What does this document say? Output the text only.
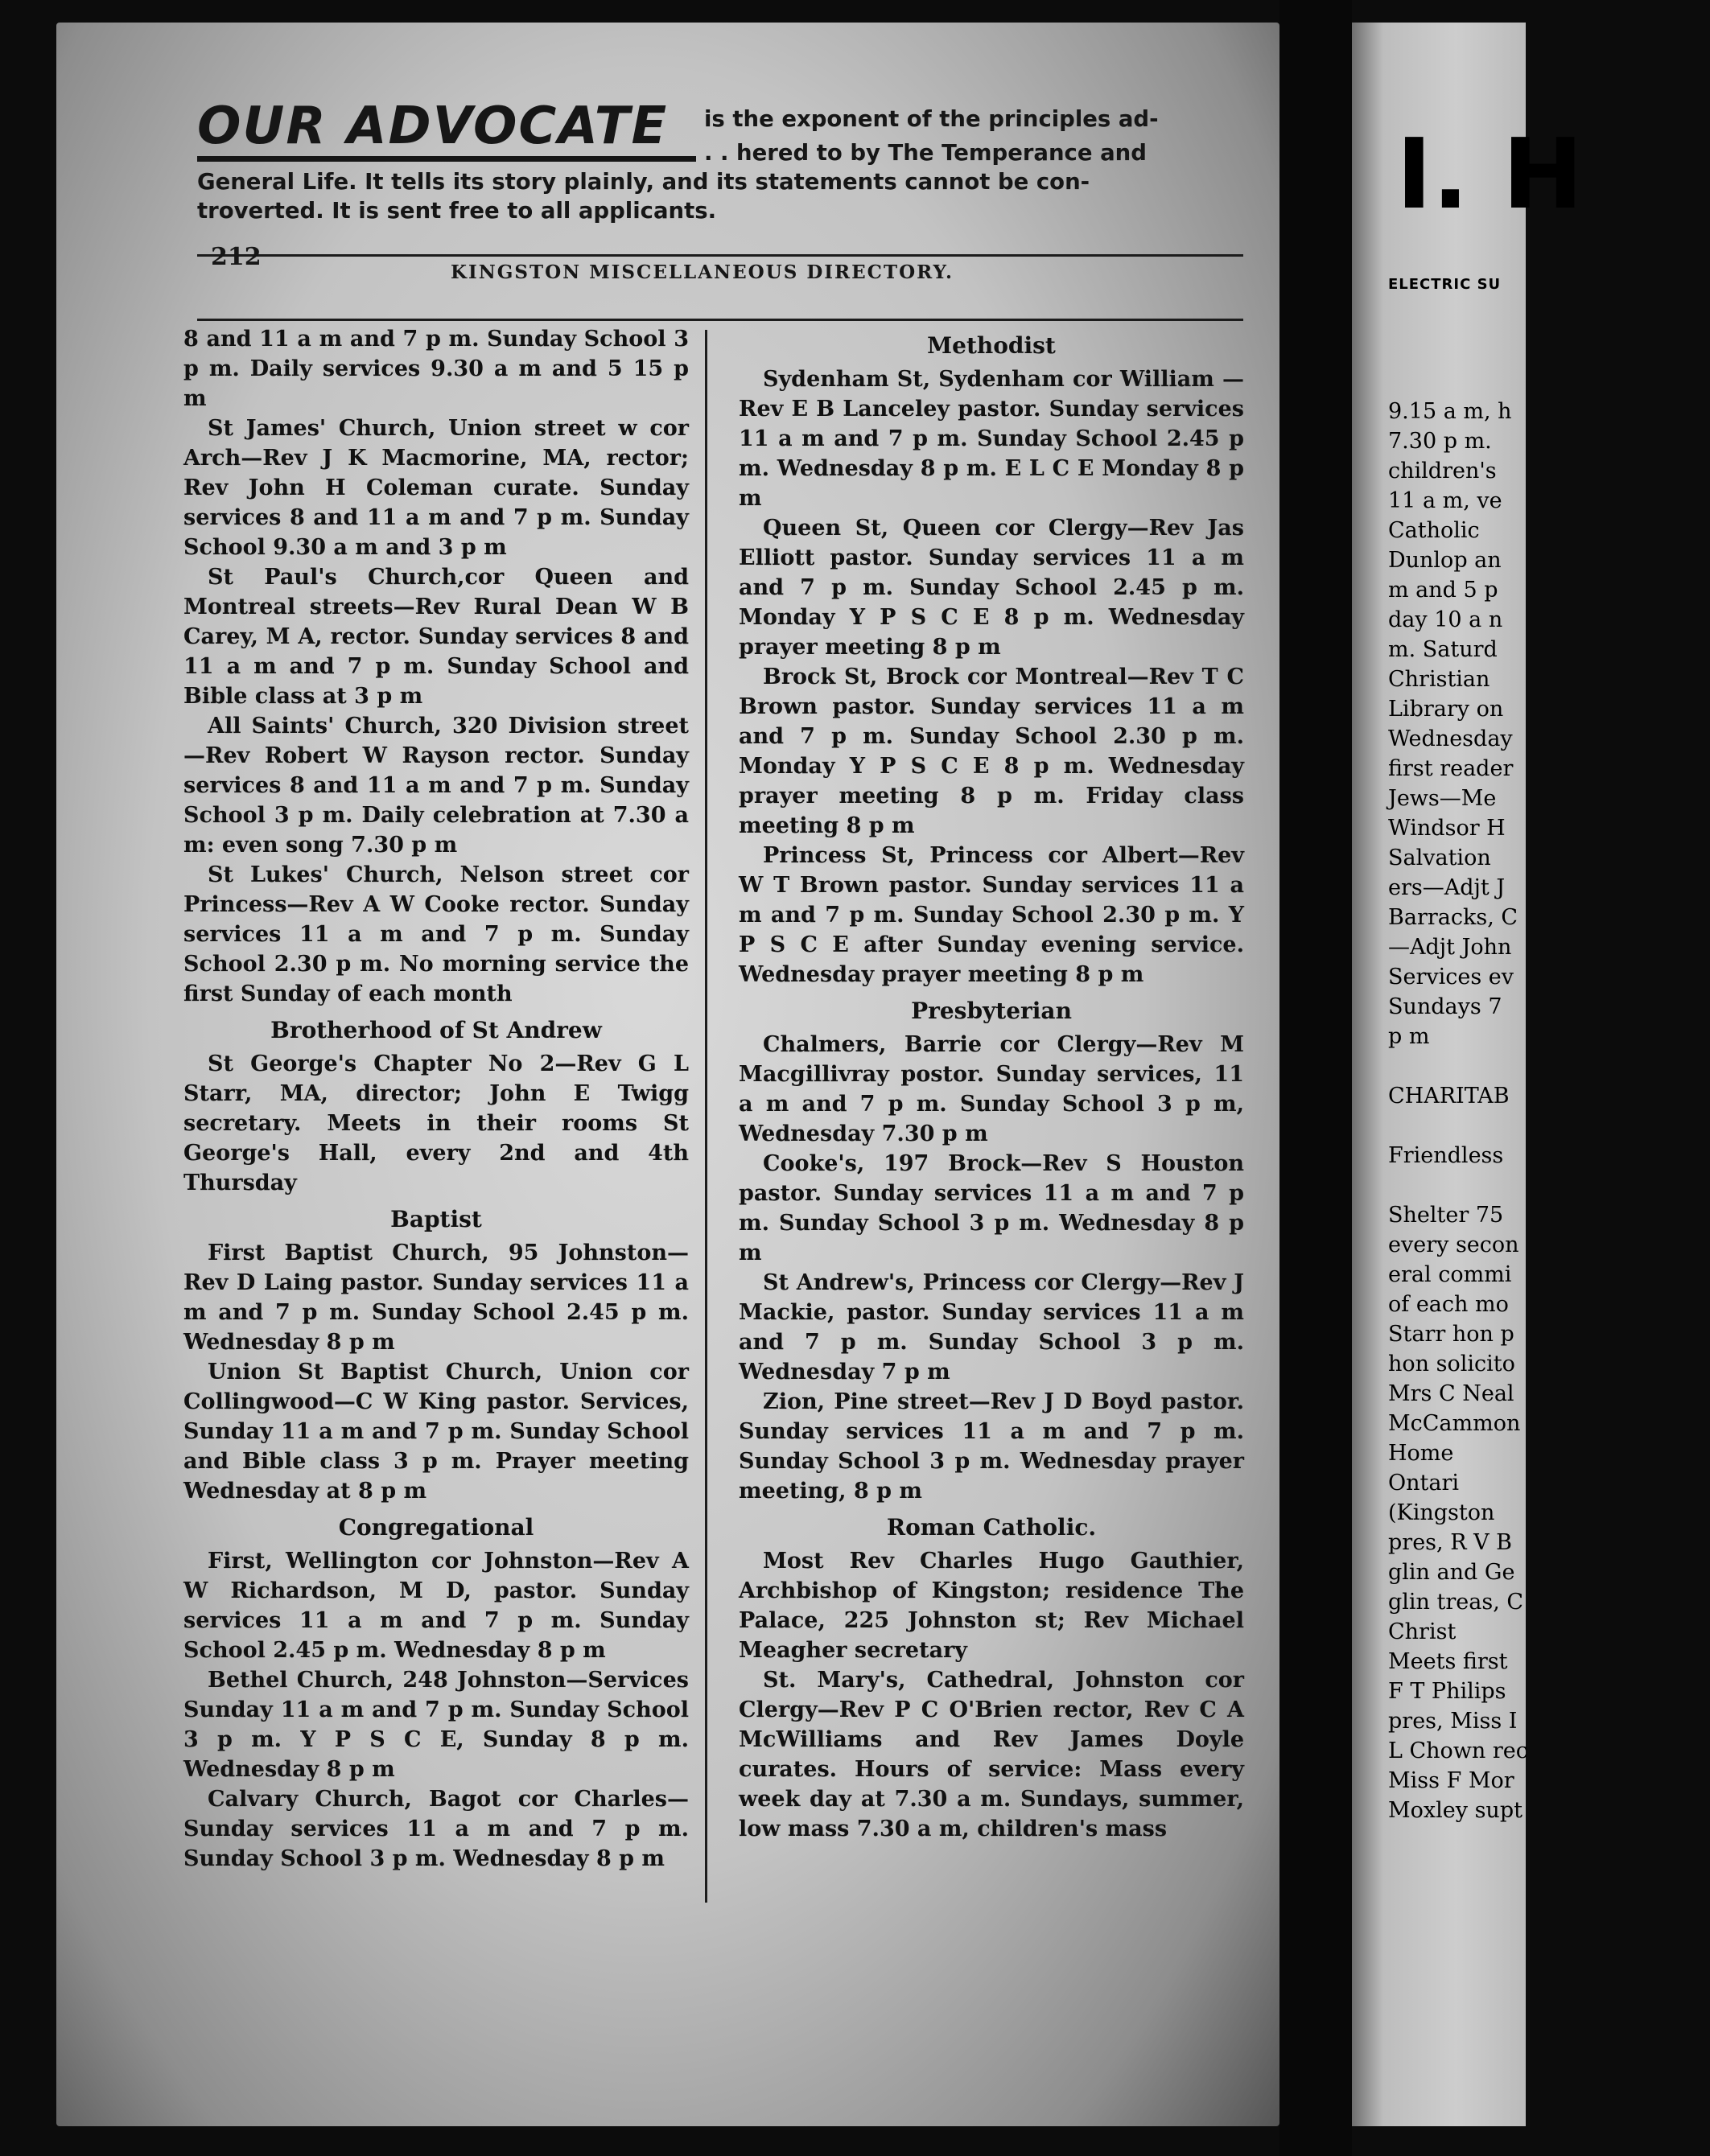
I. H

ELECTRIC SU

9.15 a m, h

7.30 p m.

children's

11 a m, ve

Catholic

Dunlop an

m and 5 p

day 10 a n

m. Saturd

Christian

Library on

Wednesday

first reader

Jews—Me

Windsor H

Salvation

ers—Adjt J

Barracks, C

—Adjt John

Services ev

Sundays 7

p m

CHARITAB

Friendless

Shelter 75

every secon

eral commi

of each mo

Starr hon p

hon solicito

Mrs C Neal

McCammon

Home

Ontari

(Kingston

pres, R V B

glin and Ge

glin treas, C

Christ

Meets first

F T Philips

pres, Miss I

L Chown rec

Miss F Mor

Moxley supt

OUR ADVOCATE	is the exponent of the principles ad-

. . hered to by The Temperance and

General Life. It tells its story plainly, and its statements cannot be con-

troverted. It is sent free to all applicants.

212

KINGSTON MISCELLANEOUS DIRECTORY.

8 and 11 a m and 7 p m. Sunday School 3 p m. Daily services 9.30 a m and 5 15 p m

St James' Church, Union street w cor Arch—Rev J K Macmorine, MA, rector; Rev John H Coleman curate. Sunday services 8 and 11 a m and 7 p m. Sunday School 9.30 a m and 3 p m

St Paul's Church,cor Queen and Montreal streets—Rev Rural Dean W B Carey, M A, rector. Sunday services 8 and 11 a m and 7 p m. Sunday School and Bible class at 3 p m

All Saints' Church, 320 Division street —Rev Robert W Rayson rector. Sunday services 8 and 11 a m and 7 p m. Sunday School 3 p m. Daily celebration at 7.30 a m: even song 7.30 p m

St Lukes' Church, Nelson street cor Princess—Rev A W Cooke rector. Sunday services 11 a m and 7 p m. Sunday School 2.30 p m. No morning service the first Sunday of each month

Brotherhood of St Andrew

St George's Chapter No 2—Rev G L Starr, MA, director; John E Twigg secretary. Meets in their rooms St George's Hall, every 2nd and 4th Thursday

Baptist

First Baptist Church, 95 Johnston— Rev D Laing pastor. Sunday services 11 a m and 7 p m. Sunday School 2.45 p m. Wednesday 8 p m

Union St Baptist Church, Union cor Collingwood—C W King pastor. Services, Sunday 11 a m and 7 p m. Sunday School and Bible class 3 p m. Prayer meeting Wednesday at 8 p m

Congregational

First, Wellington cor Johnston—Rev A W Richardson, M D, pastor. Sunday services 11 a m and 7 p m. Sunday School 2.45 p m. Wednesday 8 p m

Bethel Church, 248 Johnston—Services Sunday 11 a m and 7 p m. Sunday School 3 p m. Y P S C E, Sunday 8 p m. Wednesday 8 p m

Calvary Church, Bagot cor Charles— Sunday services 11 a m and 7 p m. Sunday School 3 p m. Wednesday 8 p m

Methodist

Sydenham St, Sydenham cor William —Rev E B Lanceley pastor. Sunday services 11 a m and 7 p m. Sunday School 2.45 p m. Wednesday 8 p m. E L C E Monday 8 p m

Queen St, Queen cor Clergy—Rev Jas Elliott pastor. Sunday services 11 a m and 7 p m. Sunday School 2.45 p m. Monday Y P S C E 8 p m. Wednesday prayer meeting 8 p m

Brock St, Brock cor Montreal—Rev T C Brown pastor. Sunday services 11 a m and 7 p m. Sunday School 2.30 p m. Monday Y P S C E 8 p m. Wednesday prayer meeting 8 p m. Friday class meeting 8 p m

Princess St, Princess cor Albert—Rev W T Brown pastor. Sunday services 11 a m and 7 p m. Sunday School 2.30 p m. Y P S C E after Sunday evening service. Wednesday prayer meeting 8 p m

Presbyterian

Chalmers, Barrie cor Clergy—Rev M Macgillivray postor. Sunday services, 11 a m and 7 p m. Sunday School 3 p m, Wednesday 7.30 p m

Cooke's, 197 Brock—Rev S Houston pastor. Sunday services 11 a m and 7 p m. Sunday School 3 p m. Wednesday 8 p m

St Andrew's, Princess cor Clergy—Rev J Mackie, pastor. Sunday services 11 a m and 7 p m. Sunday School 3 p m. Wednesday 7 p m

Zion, Pine street—Rev J D Boyd pastor. Sunday services 11 a m and 7 p m. Sunday School 3 p m. Wednesday prayer meeting, 8 p m

Roman Catholic.

Most Rev Charles Hugo Gauthier, Archbishop of Kingston; residence The Palace, 225 Johnston st; Rev Michael Meagher secretary

St. Mary's, Cathedral, Johnston cor Clergy—Rev P C O'Brien rector, Rev C A McWilliams and Rev James Doyle curates. Hours of service: Mass every week day at 7.30 a m. Sundays, summer, low mass 7.30 a m, children's mass
